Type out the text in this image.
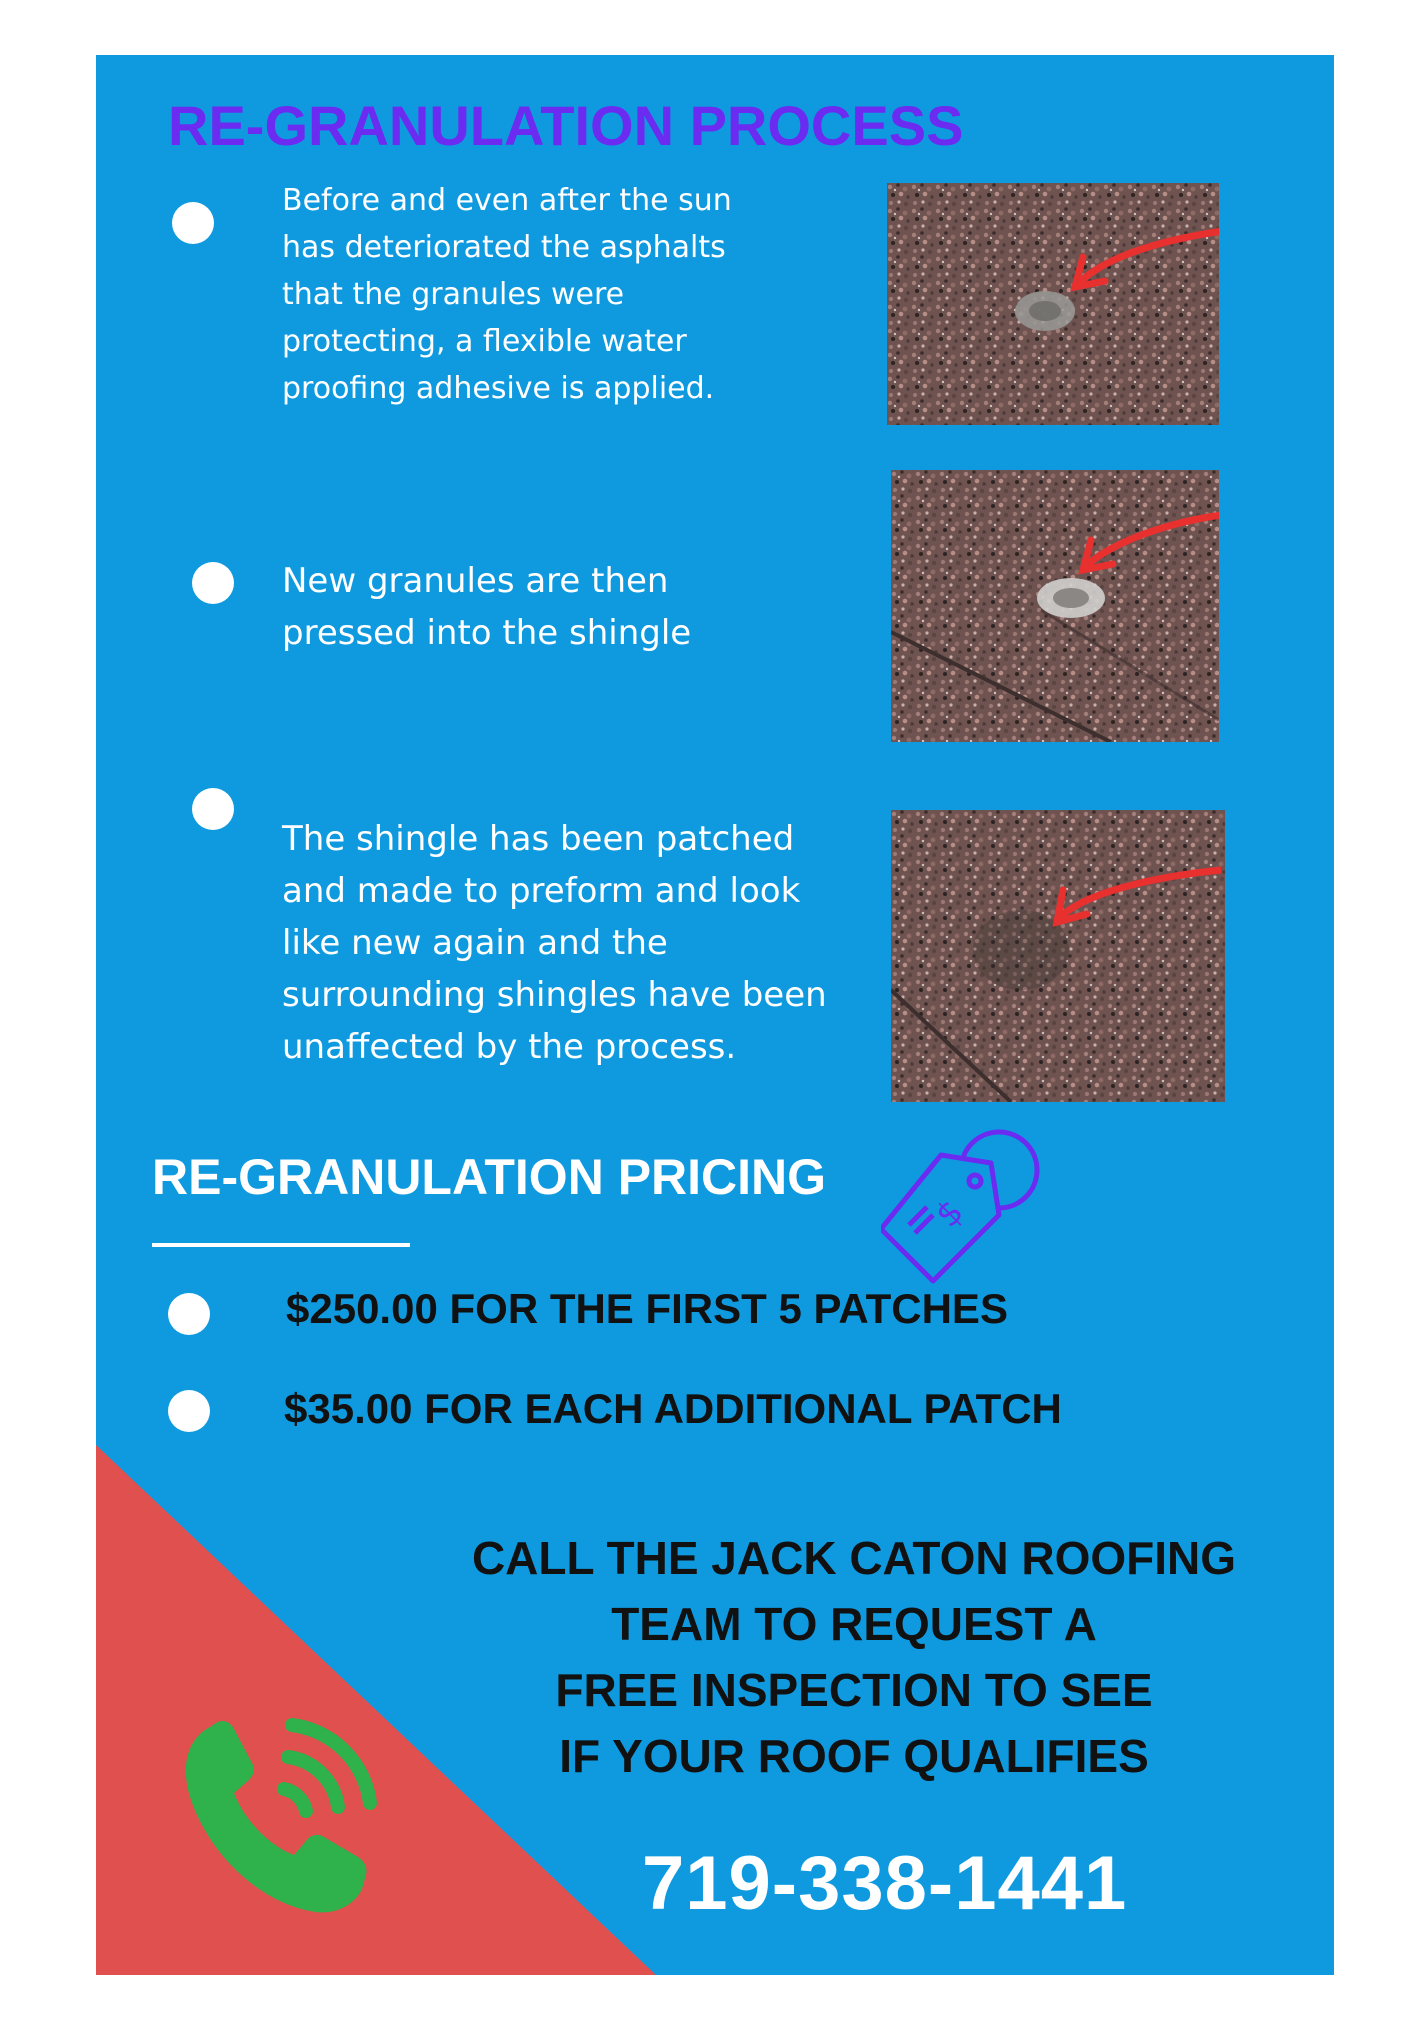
RE-GRANULATION PROCESS
Before and even after the sun
has deteriorated the asphalts
that the granules were
protecting, a flexible water
proofing adhesive is applied.
New granules are then
pressed into the shingle
The shingle has been patched
and made to preform and look
like new again and the
surrounding shingles have been
unaffected by the process.
RE-GRANULATION PRICING
$
$250.00 FOR THE FIRST 5 PATCHES
$35.00 FOR EACH ADDITIONAL PATCH
CALL THE JACK CATON ROOFING
TEAM TO REQUEST A
FREE INSPECTION TO SEE
IF YOUR ROOF QUALIFIES
719-338-1441
